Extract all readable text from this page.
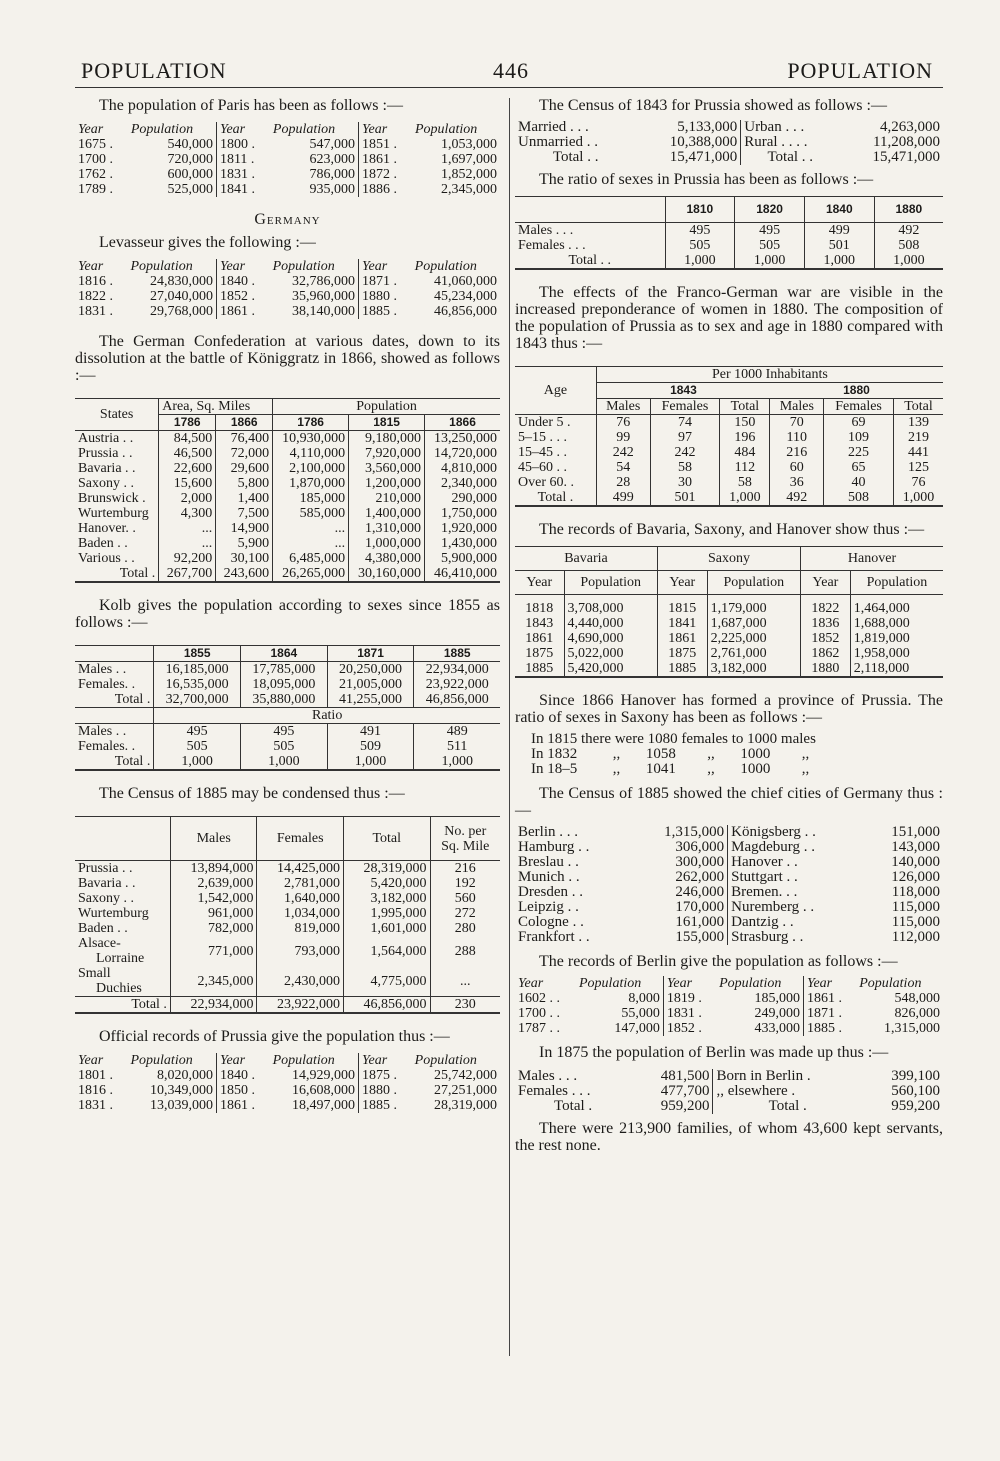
POPULATION	446	POPULATION

The population of Paris has been as follows :—

Year	Population	Year	Population	Year	Population
1675 .	540,000	1800 .	547,000	1851 .	1,053,000
1700 .	720,000	1811 .	623,000	1861 .	1,697,000
1762 .	600,000	1831 .	786,000	1872 .	1,852,000
1789 .	525,000	1841 .	935,000	1886 .	2,345,000

Germany

Levasseur gives the following :—

Year	Population	Year	Population	Year	Population
1816 .	24,830,000	1840 .	32,786,000	1871 .	41,060,000
1822 .	27,040,000	1852 .	35,960,000	1880 .	45,234,000
1831 .	29,768,000	1861 .	38,140,000	1885 .	46,856,000

The German Confederation at various dates, down to its dissolution at the battle of Königgratz in 1866, showed as follows :—

States	Area, Sq. Miles		Population		
	1786	1866	1786	1815	1866
Austria . .	84,500	76,400	10,930,000	9,180,000	13,250,000
Prussia . .	46,500	72,000	4,110,000	7,920,000	14,720,000
Bavaria . .	22,600	29,600	2,100,000	3,560,000	4,810,000
Saxony . .	15,600	5,800	1,870,000	1,200,000	2,340,000
Brunswick .	2,000	1,400	185,000	210,000	290,000
Wurtemburg	4,300	7,500	585,000	1,400,000	1,750,000
Hanover. .	...	14,900	...	1,310,000	1,920,000
Baden . .	...	5,900	...	1,000,000	1,430,000
Various . .	92,200	30,100	6,485,000	4,380,000	5,900,000
Total .	267,700	243,600	26,265,000	30,160,000	46,410,000

Kolb gives the population according to sexes since 1855 as follows :—

	1855	1864	1871	1885
Males . .	16,185,000	17,785,000	20,250,000	22,934,000
Females. .	16,535,000	18,095,000	21,005,000	23,922,000
Total .	32,700,000	35,880,000	41,255,000	46,856,000
	Ratio			
Males . .	495	495	491	489
Females. .	505	505	509	511
Total .	1,000	1,000	1,000	1,000

The Census of 1885 may be condensed thus :—

	Males	Females	Total	No. per Sq. Mile
Prussia . .	13,894,000	14,425,000	28,319,000	216
Bavaria . .	2,639,000	2,781,000	5,420,000	192
Saxony . .	1,542,000	1,640,000	3,182,000	560
Wurtemburg	961,000	1,034,000	1,995,000	272
Baden . .	782,000	819,000	1,601,000	280

Alsace-
Lorraine	771,000	793,000	1,564,000	288

Small
Duchies	2,345,000	2,430,000	4,775,000	...
Total .	22,934,000	23,922,000	46,856,000	230

Official records of Prussia give the population thus :—

Year	Population	Year	Population	Year	Population
1801 .	8,020,000	1840 .	14,929,000	1875 .	25,742,000
1816 .	10,349,000	1850 .	16,608,000	1880 .	27,251,000
1831 .	13,039,000	1861 .	18,497,000	1885 .	28,319,000

The Census of 1843 for Prussia showed as follows :—

Married . . .	5,133,000	Urban . . .	4,263,000
Unmarried . .	10,388,000	Rural . . . .	11,208,000
Total . .	15,471,000	Total . .	15,471,000

The ratio of sexes in Prussia has been as follows :—

	1810	1820	1840	1880
Males . . .	495	495	499	492
Females . . .	505	505	501	508
Total . .	1,000	1,000	1,000	1,000

The effects of the Franco-German war are visible in the increased preponderance of women in 1880. The composition of the population of Prussia as to sex and age in 1880 compared with 1843 thus :—

Age	Per 1000 Inhabitants					
	1843			1880		
	Males	Females	Total	Males	Females	Total
Under 5 .	76	74	150	70	69	139
5–15 . . .	99	97	196	110	109	219
15–45 . .	242	242	484	216	225	441
45–60 . .	54	58	112	60	65	125
Over 60. .	28	30	58	36	40	76
Total .	499	501	1,000	492	508	1,000

The records of Bavaria, Saxony, and Hanover show thus :—

Bavaria		Saxony		Hanover	
Year	Population	Year	Population	Year	Population
1818	3,708,000	1815	1,179,000	1822	1,464,000
1843	4,440,000	1841	1,687,000	1836	1,688,000
1861	4,690,000	1861	2,225,000	1852	1,819,000
1875	5,022,000	1875	2,761,000	1862	1,958,000
1885	5,420,000	1885	3,182,000	1880	2,118,000

Since 1866 Hanover has formed a province of Prussia. The ratio of sexes in Saxony has been as follows :—

In 1815 there were 1080 females to 1000 males					
In 1832	,,	1058	,,	1000	,,
In 18–5	,,	1041	,,	1000	,,

The Census of 1885 showed the chief cities of Germany thus :—

Berlin . . .	1,315,000	Königsberg . .	151,000
Hamburg . .	306,000	Magdeburg . .	143,000
Breslau . .	300,000	Hanover . .	140,000
Munich . .	262,000	Stuttgart . .	126,000
Dresden . .	246,000	Bremen. . .	118,000
Leipzig . .	170,000	Nuremberg . .	115,000
Cologne . .	161,000	Dantzig . .	115,000
Frankfort . .	155,000	Strasburg . .	112,000

The records of Berlin give the population as follows :—

Year	Population	Year	Population	Year	Population
1602 . .	8,000	1819 .	185,000	1861 .	548,000
1700 . .	55,000	1831 .	249,000	1871 .	826,000
1787 . .	147,000	1852 .	433,000	1885 .	1,315,000

In 1875 the population of Berlin was made up thus :—

Males . . .	481,500	Born in Berlin .	399,100
Females . . .	477,700	,, elsewhere .	560,100
Total .	959,200	Total .	959,200

There were 213,900 families, of whom 43,600 kept servants, the rest none.
